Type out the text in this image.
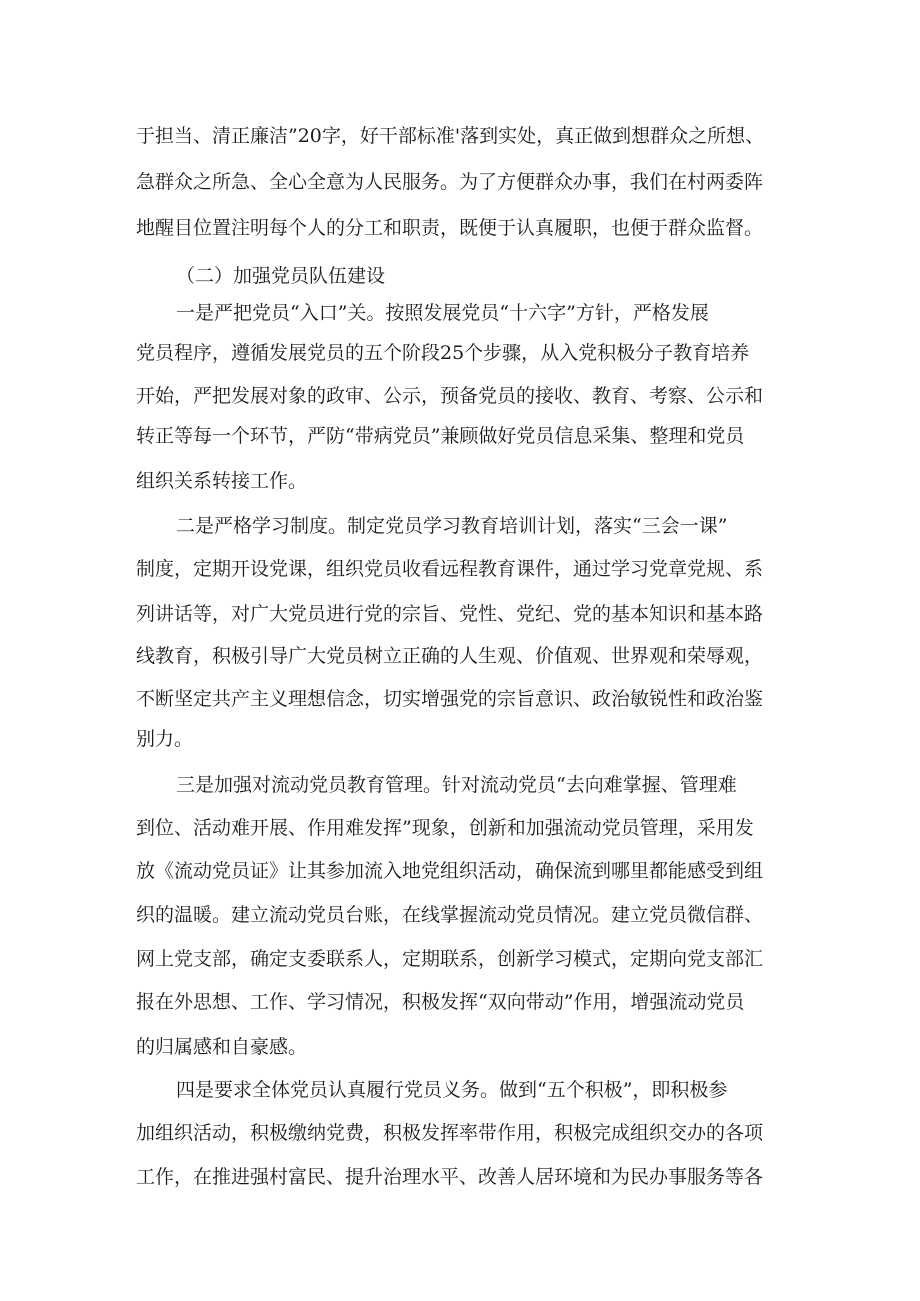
于担当、清正廉洁”20字，好干部标准'落到实处，真正做到想群众之所想、
急群众之所急、全心全意为人民服务。为了方便群众办事，我们在村两委阵
地醒目位置注明每个人的分工和职责，既便于认真履职，也便于群众监督。
（二）加强党员队伍建设
一是严把党员“入口”关。按照发展党员“十六字”方针，严格发展
党员程序，遵循发展党员的五个阶段25个步骤，从入党积极分子教育培养
开始，严把发展对象的政审、公示，预备党员的接收、教育、考察、公示和
转正等每一个环节，严防“带病党员”兼顾做好党员信息采集、整理和党员
组织关系转接工作。
二是严格学习制度。制定党员学习教育培训计划，落实“三会一课”
制度，定期开设党课，组织党员收看远程教育课件，通过学习党章党规、系
列讲话等，对广大党员进行党的宗旨、党性、党纪、党的基本知识和基本路
线教育，积极引导广大党员树立正确的人生观、价值观、世界观和荣辱观，
不断坚定共产主义理想信念，切实增强党的宗旨意识、政治敏锐性和政治鉴
别力。
三是加强对流动党员教育管理。针对流动党员“去向难掌握、管理难
到位、活动难开展、作用难发挥”现象，创新和加强流动党员管理，采用发
放《流动党员证》让其参加流入地党组织活动，确保流到哪里都能感受到组
织的温暖。建立流动党员台账，在线掌握流动党员情况。建立党员微信群、
网上党支部，确定支委联系人，定期联系，创新学习模式，定期向党支部汇
报在外思想、工作、学习情况，积极发挥“双向带动”作用，增强流动党员
的归属感和自豪感。
四是要求全体党员认真履行党员义务。做到“五个积极”，即积极参
加组织活动，积极缴纳党费，积极发挥率带作用，积极完成组织交办的各项
工作，在推进强村富民、提升治理水平、改善人居环境和为民办事服务等各
